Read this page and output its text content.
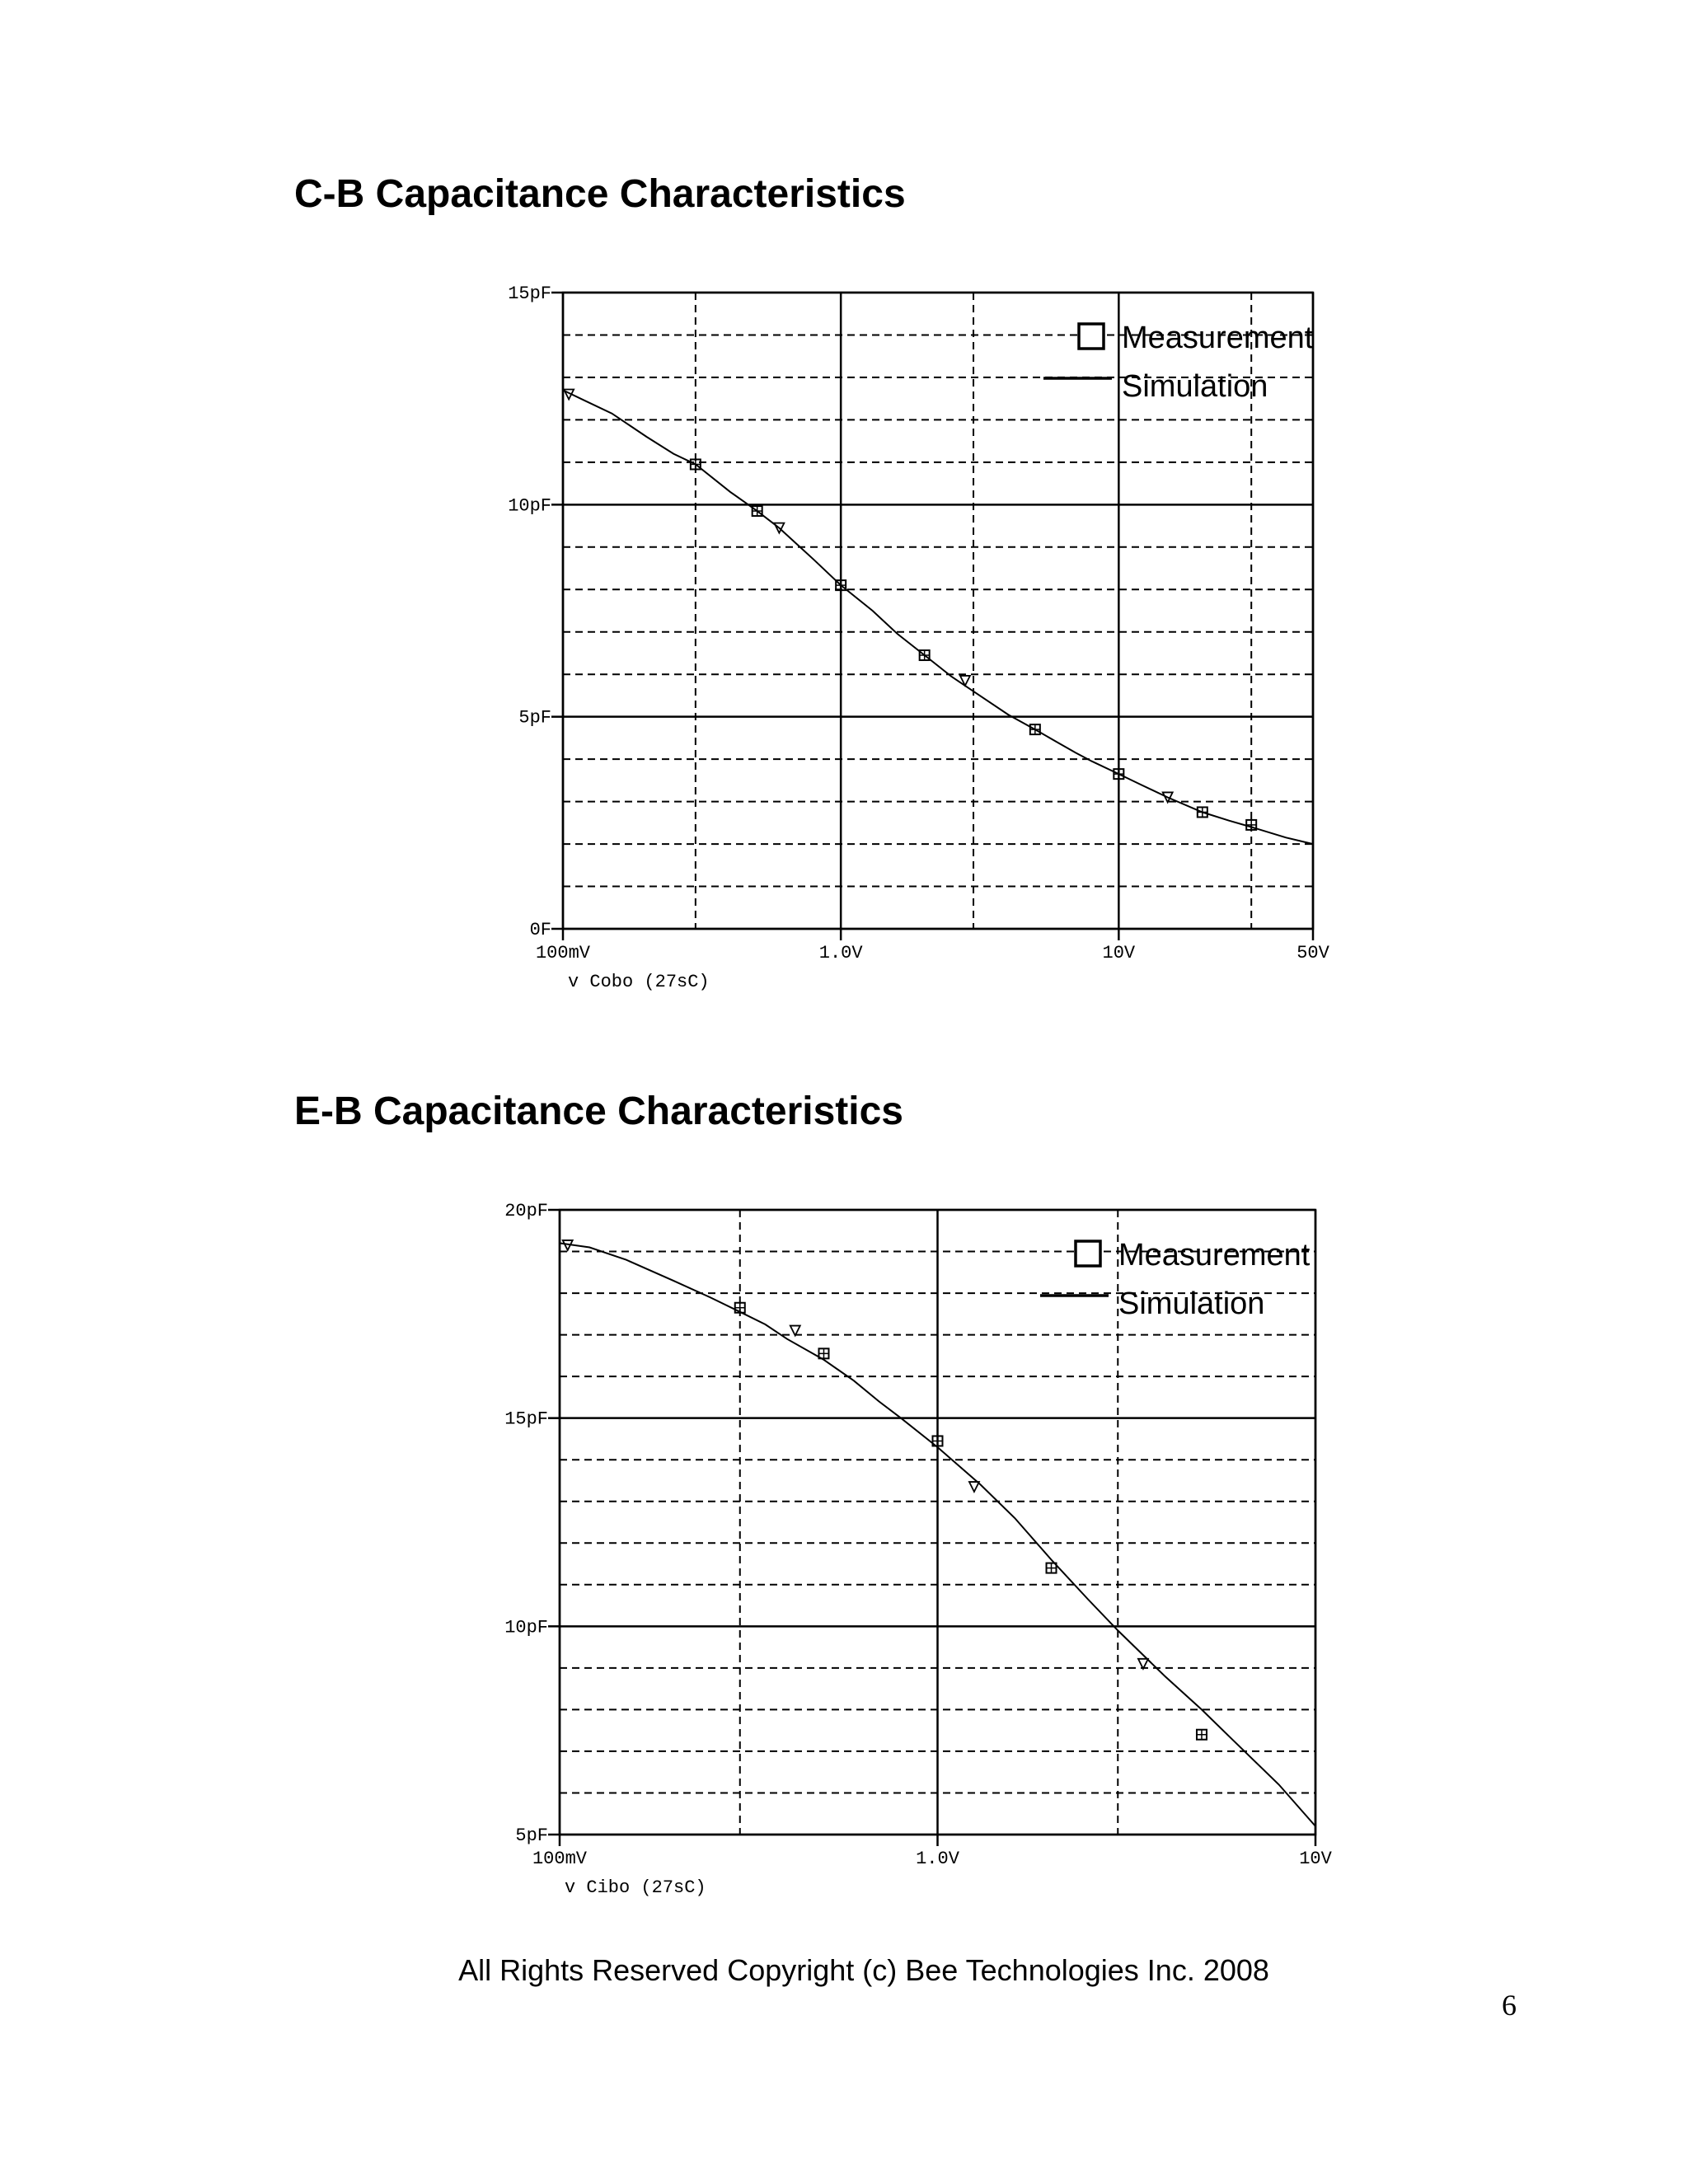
C-B Capacitance Characteristics
0F
5pF
10pF
15pF
100mV	1.0V	10V	50V
v Cobo (27sC)
Measurement
Simulation
E-B Capacitance Characteristics
5pF
10pF
15pF
20pF
100mV	1.0V	10V
v Cibo (27sC)
Measurement
Simulation

All Rights Reserved Copyright (c) Bee Technologies Inc. 2008

6
